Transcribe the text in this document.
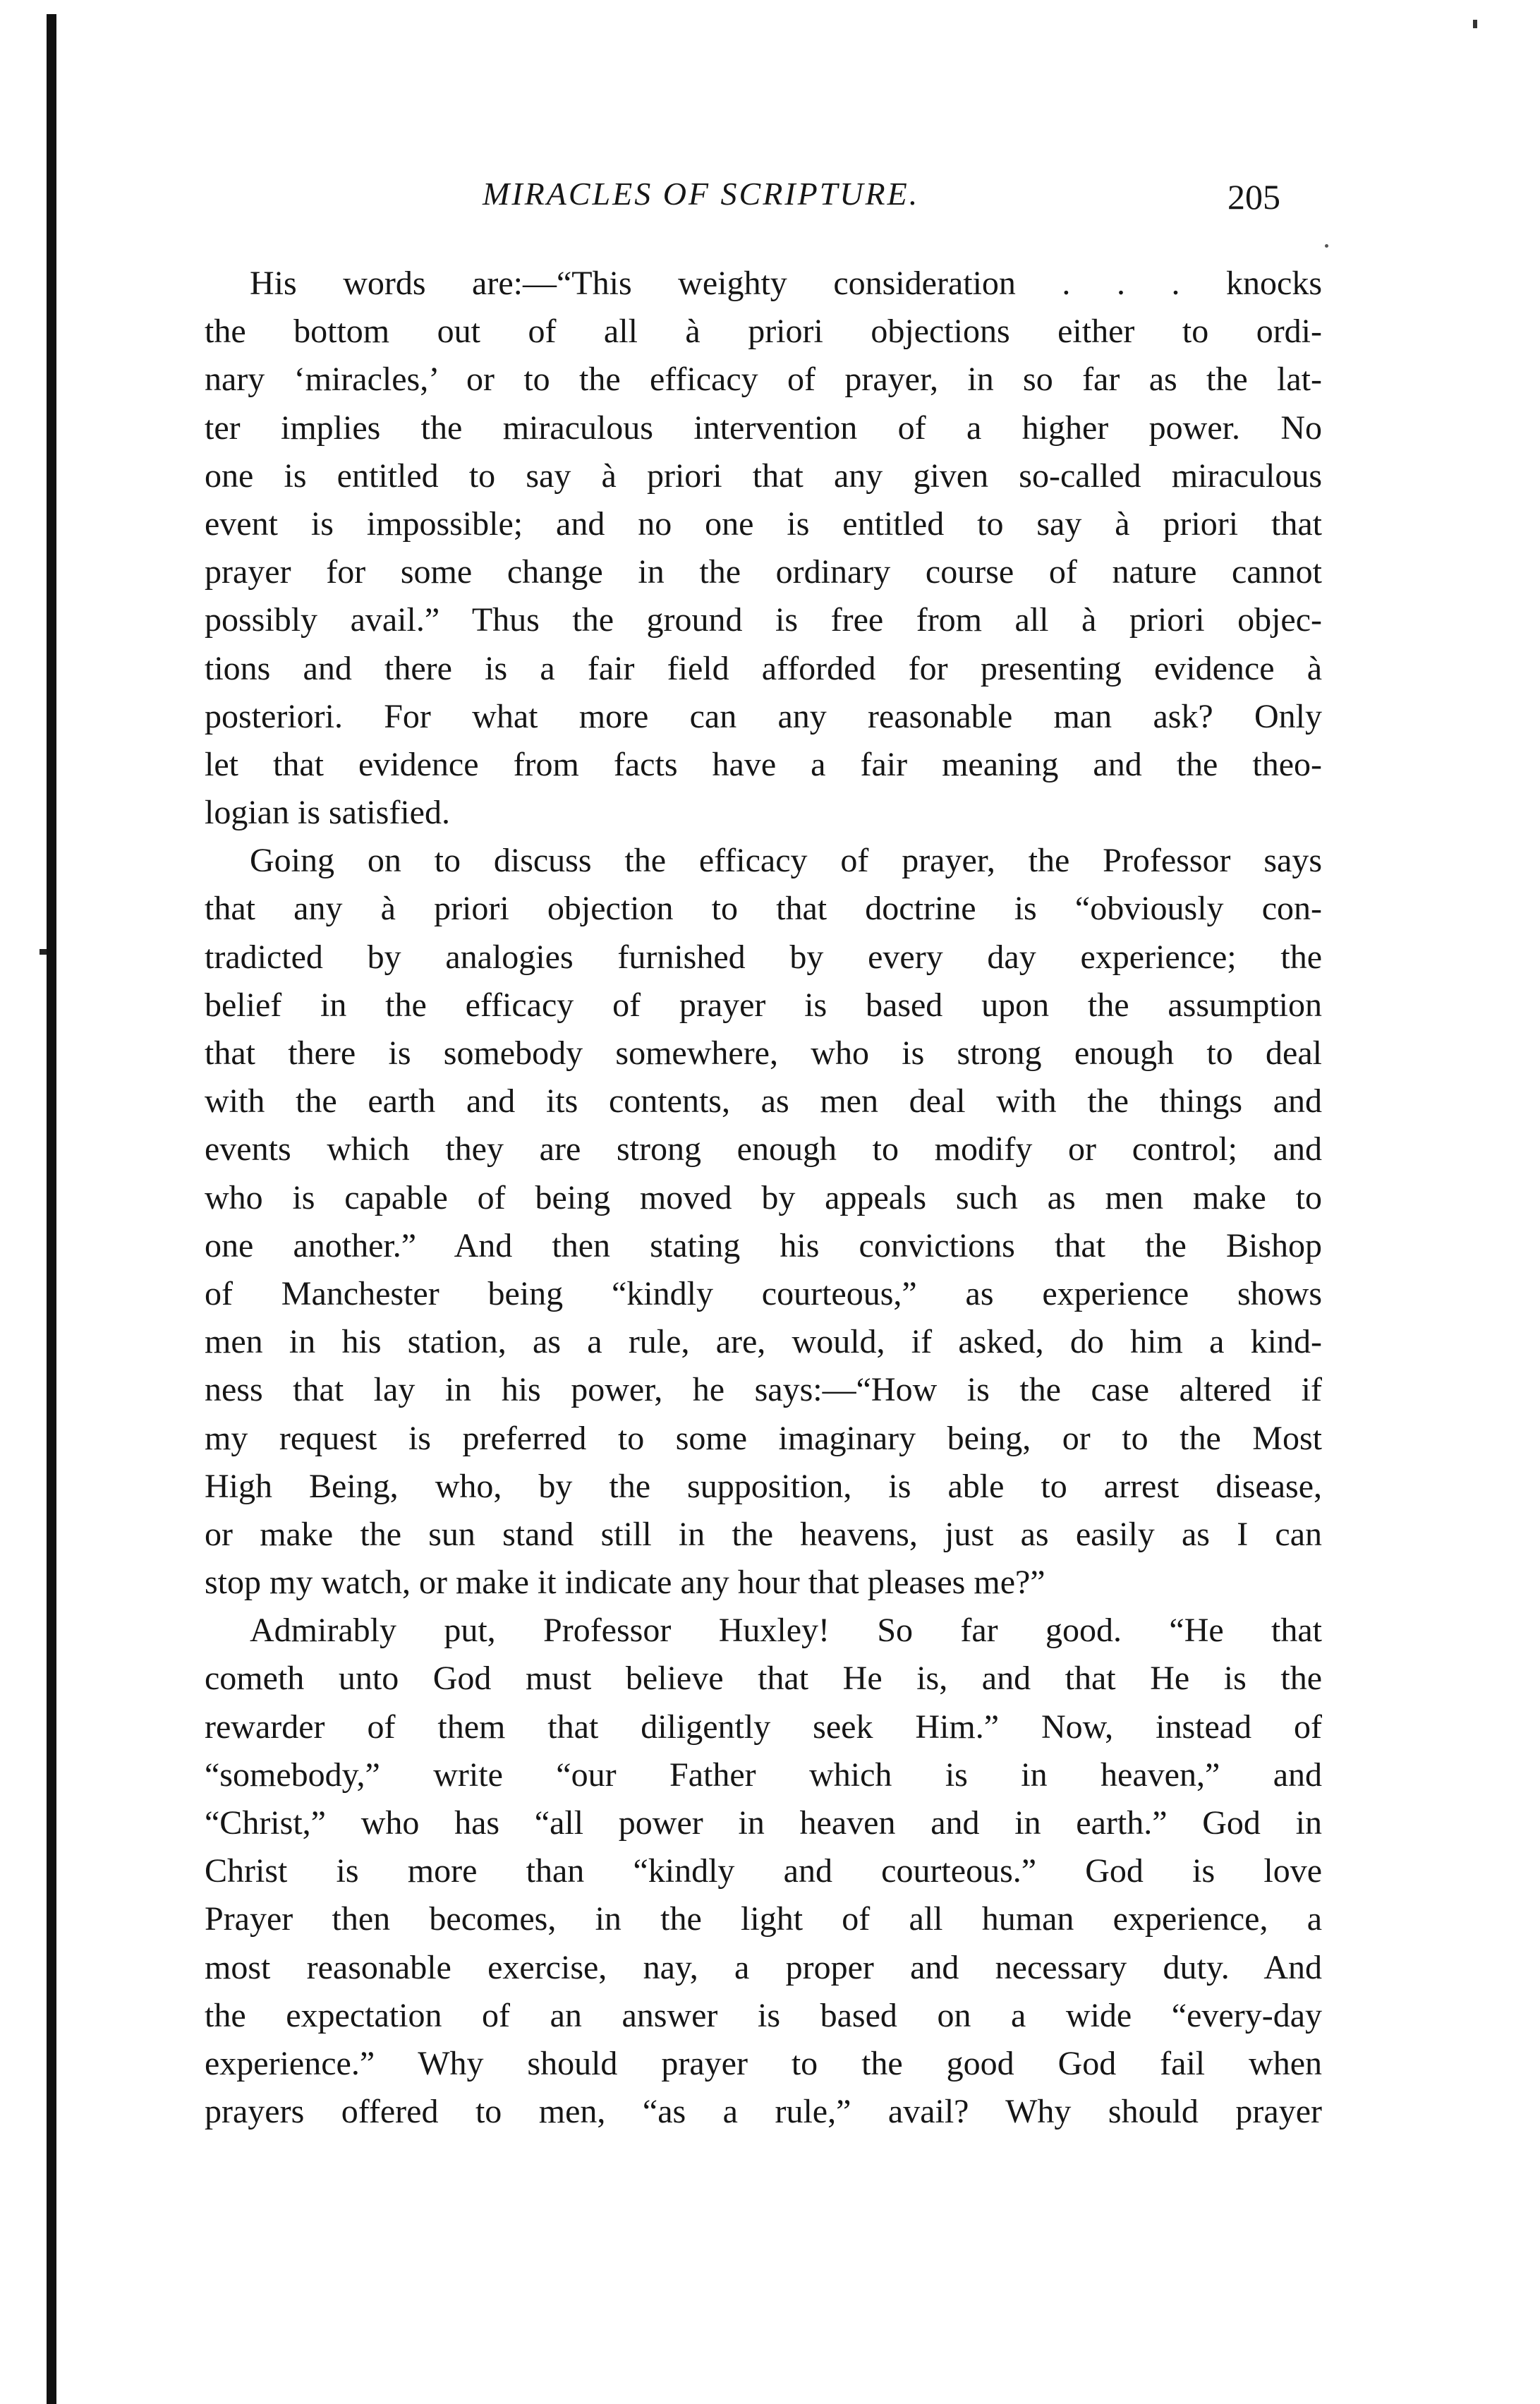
MIRACLES OF SCRIPTURE.	205
His words are:—“This weighty consideration . . . knocks
the bottom out of all à priori objections either to ordi-
nary ‘miracles,’ or to the efficacy of prayer, in so far as the lat-
ter implies the miraculous intervention of a higher power. No
one is entitled to say à priori that any given so-called miraculous
event is impossible; and no one is entitled to say à priori that
prayer for some change in the ordinary course of nature cannot
possibly avail.” Thus the ground is free from all à priori objec-
tions and there is a fair field afforded for presenting evidence à
posteriori. For what more can any reasonable man ask? Only
let that evidence from facts have a fair meaning and the theo-
logian is satisfied.
Going on to discuss the efficacy of prayer, the Professor says
that any à priori objection to that doctrine is “obviously con-
tradicted by analogies furnished by every day experience; the
belief in the efficacy of prayer is based upon the assumption
that there is somebody somewhere, who is strong enough to deal
with the earth and its contents, as men deal with the things and
events which they are strong enough to modify or control; and
who is capable of being moved by appeals such as men make to
one another.” And then stating his convictions that the Bishop
of Manchester being “kindly courteous,” as experience shows
men in his station, as a rule, are, would, if asked, do him a kind-
ness that lay in his power, he says:—“How is the case altered if
my request is preferred to some imaginary being, or to the Most
High Being, who, by the supposition, is able to arrest disease,
or make the sun stand still in the heavens, just as easily as I can
stop my watch, or make it indicate any hour that pleases me?”
Admirably put, Professor Huxley! So far good. “He that
cometh unto God must believe that He is, and that He is the
rewarder of them that diligently seek Him.” Now, instead of
“somebody,” write “our Father which is in heaven,” and
“Christ,” who has “all power in heaven and in earth.” God in
Christ is more than “kindly and courteous.” God is love
Prayer then becomes, in the light of all human experience, a
most reasonable exercise, nay, a proper and necessary duty. And
the expectation of an answer is based on a wide “every-day
experience.” Why should prayer to the good God fail when
prayers offered to men, “as a rule,” avail? Why should prayer
